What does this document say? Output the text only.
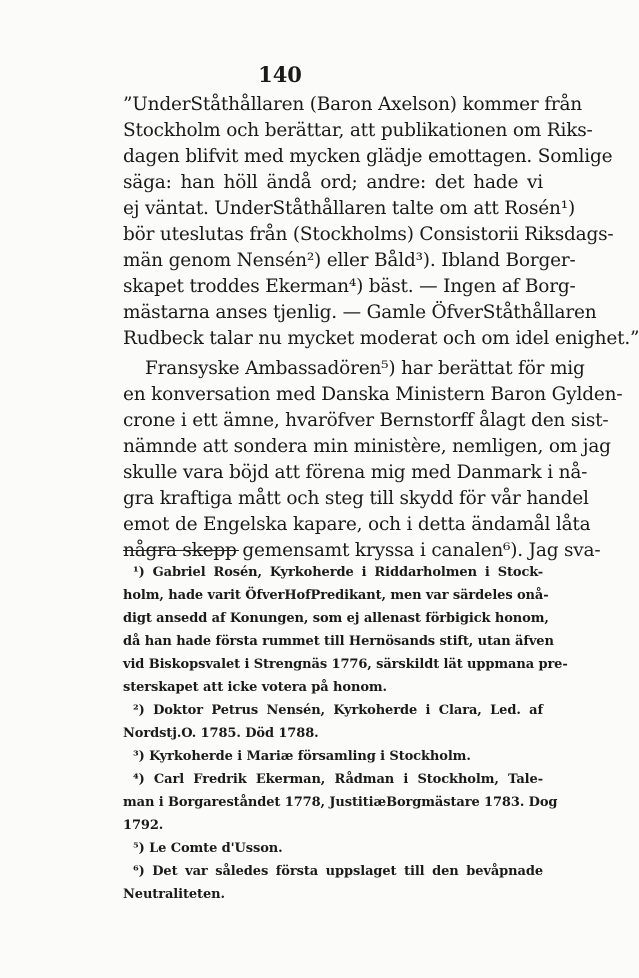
140
”UnderStåthållaren (Baron Axelson) kommer från
Stockholm och berättar, att publikationen om Riks-
dagen blifvit med mycken glädje emottagen. Somlige
säga: han höll ändå ord; andre: det hade vi
ej väntat. UnderStåthållaren talte om att Rosén¹)
bör uteslutas från (Stockholms) Consistorii Riksdags-
män genom Nensén²) eller Båld³). Ibland Borger-
skapet troddes Ekerman⁴) bäst. — Ingen af Borg-
mästarna anses tjenlig. — Gamle ÖfverStåthållaren
Rudbeck talar nu mycket moderat och om idel enighet.”
Fransyske Ambassadören⁵) har berättat för mig
en konversation med Danska Ministern Baron Gylden-
crone i ett ämne, hvaröfver Bernstorff ålagt den sist-
nämnde att sondera min ministère, nemligen, om jag
skulle vara böjd att förena mig med Danmark i nå-
gra kraftiga mått och steg till skydd för vår handel
emot de Engelska kapare, och i detta ändamål låta
några skepp gemensamt kryssa i canalen⁶). Jag sva-
¹) Gabriel Rosén, Kyrkoherde i Riddarholmen i Stock-
holm, hade varit ÖfverHofPredikant, men var särdeles onå-
digt ansedd af Konungen, som ej allenast förbigick honom,
då han hade första rummet till Hernösands stift, utan äfven
vid Biskopsvalet i Strengnäs 1776, särskildt lät uppmana pre-
sterskapet att icke votera på honom.
²) Doktor Petrus Nensén, Kyrkoherde i Clara, Led. af
Nordstj.O. 1785. Död 1788.
³) Kyrkoherde i Mariæ församling i Stockholm.
⁴) Carl Fredrik Ekerman, Rådman i Stockholm, Tale-
man i Borgareståndet 1778, JustitiæBorgmästare 1783. Dog
1792.
⁵) Le Comte d'Usson.
⁶) Det var således första uppslaget till den bevåpnade
Neutraliteten.
